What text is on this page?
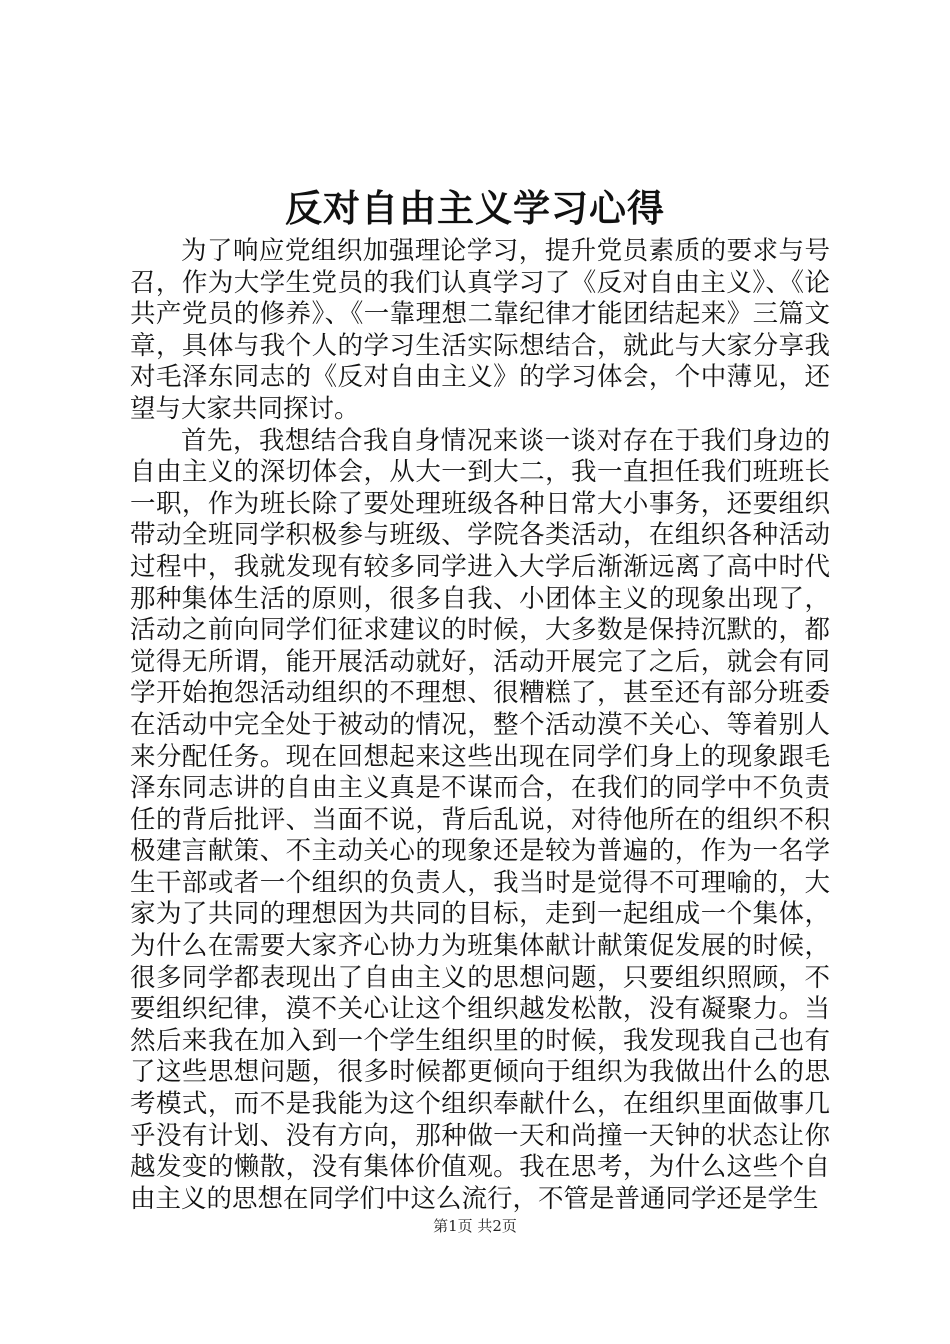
反对自由主义学习心得

为了响应党组织加强理论学习，提升党员素质的要求与号召，作为大学生党员的我们认真学习了《反对自由主义》、《论共产党员的修养》、《一靠理想二靠纪律才能团结起来》三篇文章，具体与我个人的学习生活实际想结合，就此与大家分享我对毛泽东同志的《反对自由主义》的学习体会，个中薄见，还望与大家共同探讨。

首先，我想结合我自身情况来谈一谈对存在于我们身边的自由主义的深切体会，从大一到大二，我一直担任我们班班长一职，作为班长除了要处理班级各种日常大小事务，还要组织带动全班同学积极参与班级、学院各类活动，在组织各种活动过程中，我就发现有较多同学进入大学后渐渐远离了高中时代那种集体生活的原则，很多自我、小团体主义的现象出现了，活动之前向同学们征求建议的时候，大多数是保持沉默的，都觉得无所谓，能开展活动就好，活动开展完了之后，就会有同学开始抱怨活动组织的不理想、很糟糕了，甚至还有部分班委在活动中完全处于被动的情况，整个活动漠不关心、等着别人来分配任务。现在回想起来这些出现在同学们身上的现象跟毛泽东同志讲的自由主义真是不谋而合，在我们的同学中不负责任的背后批评、当面不说，背后乱说，对待他所在的组织不积极建言献策、不主动关心的现象还是较为普遍的，作为一名学生干部或者一个组织的负责人，我当时是觉得不可理喻的，大家为了共同的理想因为共同的目标，走到一起组成一个集体，为什么在需要大家齐心协力为班集体献计献策促发展的时候，很多同学都表现出了自由主义的思想问题，只要组织照顾，不要组织纪律，漠不关心让这个组织越发松散，没有凝聚力。当然后来我在加入到一个学生组织里的时候，我发现我自己也有了这些思想问题，很多时候都更倾向于组织为我做出什么的思考模式，而不是我能为这个组织奉献什么，在组织里面做事几乎没有计划、没有方向，那种做一天和尚撞一天钟的状态让你越发变的懒散，没有集体价值观。我在思考，为什么这些个自由主义的思想在同学们中这么流行，不管是普通同学还是学生

第1页 共2页
